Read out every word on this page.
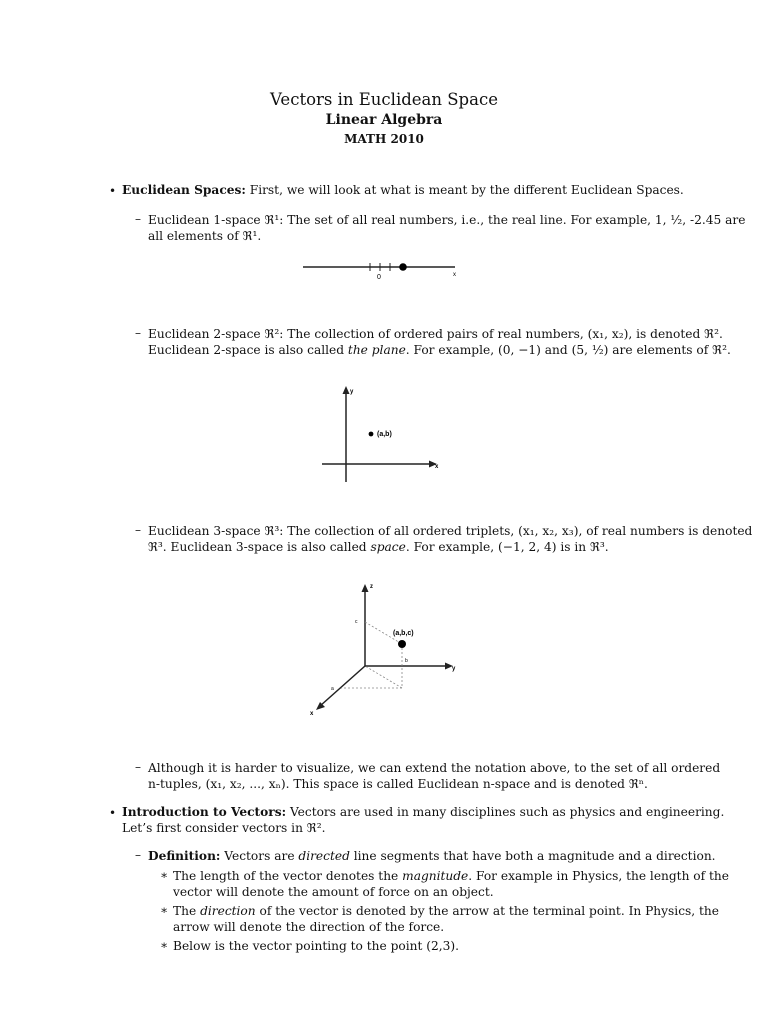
Vectors in Euclidean Space
Linear Algebra
MATH 2010
• Euclidean Spaces: First, we will look at what is meant by the different Euclidean Spaces.
– Euclidean 1-space ℜ¹: The set of all real numbers, i.e., the real line. For example, 1, ½, -2.45 are
all elements of ℜ¹.
0	x
– Euclidean 2-space ℜ²: The collection of ordered pairs of real numbers, (x₁, x₂), is denoted ℜ².
Euclidean 2-space is also called the plane. For example, (0, −1) and (5, ½) are elements of ℜ².
(a,b)
y
x
– Euclidean 3-space ℜ³: The collection of all ordered triplets, (x₁, x₂, x₃), of real numbers is denoted
ℜ³. Euclidean 3-space is also called space. For example, (−1, 2, 4) is in ℜ³.
(a,b,c)
z
y
x
c
b
a
– Although it is harder to visualize, we can extend the notation above, to the set of all ordered
n-tuples, (x₁, x₂, ..., xₙ). This space is called Euclidean n-space and is denoted ℜⁿ.
• Introduction to Vectors: Vectors are used in many disciplines such as physics and engineering.
Let’s first consider vectors in ℜ².
– Definition: Vectors are directed line segments that have both a magnitude and a direction.
∗ The length of the vector denotes the magnitude. For example in Physics, the length of the
vector will denote the amount of force on an object.
∗ The direction of the vector is denoted by the arrow at the terminal point. In Physics, the
arrow will denote the direction of the force.
∗ Below is the vector pointing to the point (2,3).
